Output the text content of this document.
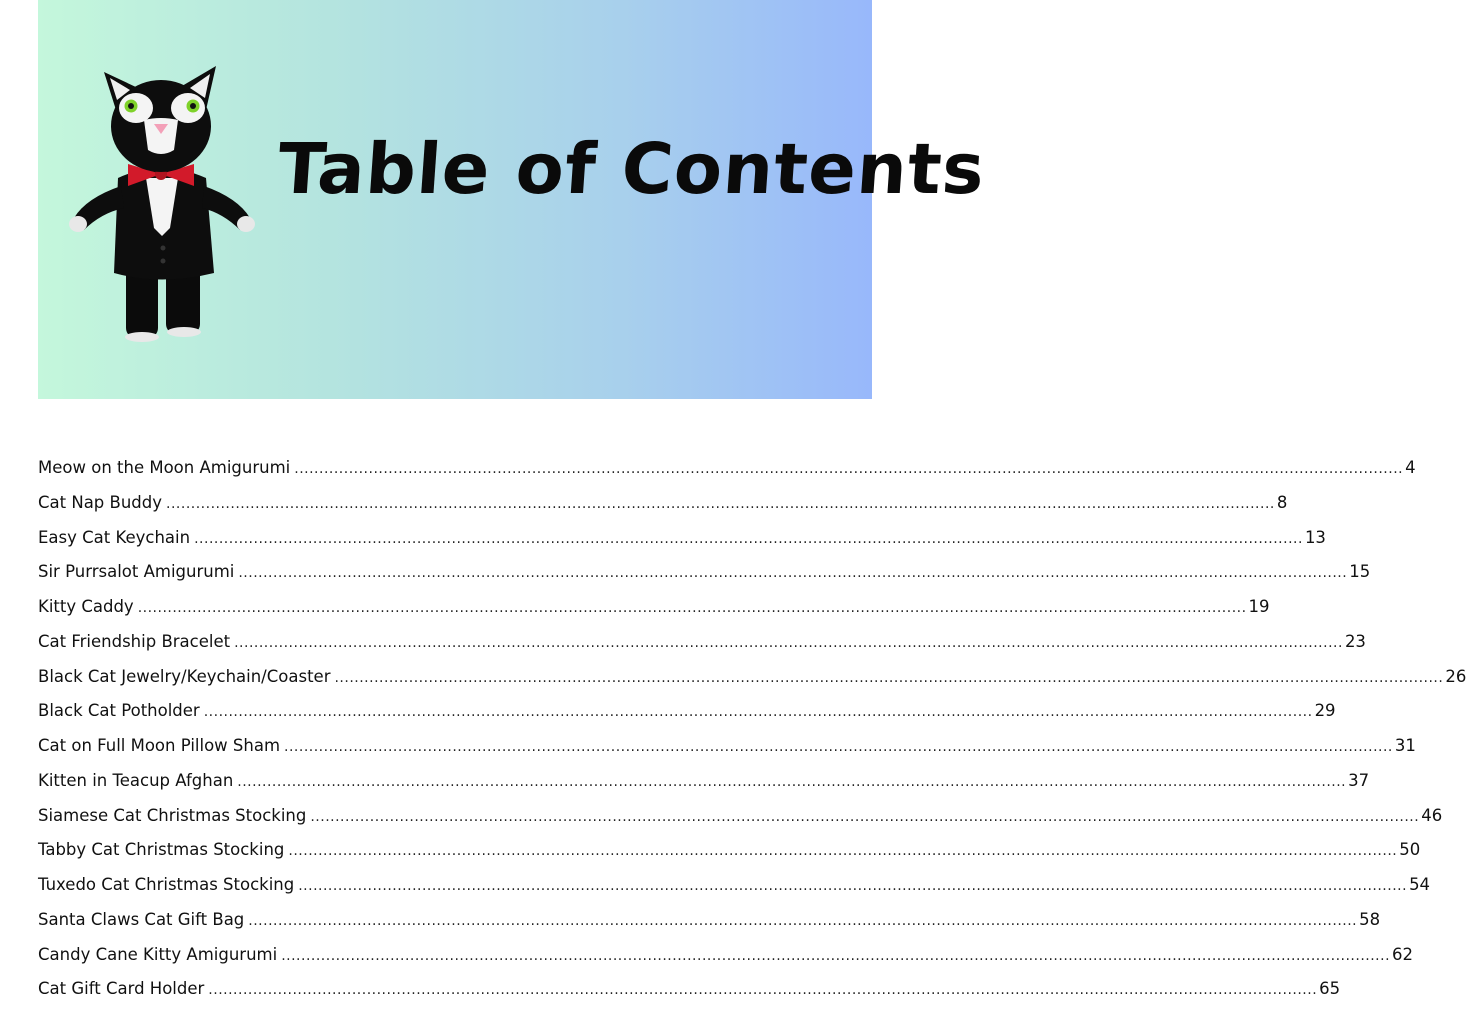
Table of Contents
Meow on the Moon Amigurumi .....	4
Cat Nap Buddy .....	8
Easy Cat Keychain .....	13
Sir Purrsalot Amigurumi .....	15
Kitty Caddy .....	19
Cat Friendship Bracelet .....	23
Black Cat Jewelry/Keychain/Coaster .....	26
Black Cat Potholder .....	29
Cat on Full Moon Pillow Sham .....	31
Kitten in Teacup Afghan .....	37
Siamese Cat Christmas Stocking .....	46
Tabby Cat Christmas Stocking .....	50
Tuxedo Cat Christmas Stocking .....	54
Santa Claws Cat Gift Bag .....	58
Candy Cane Kitty Amigurumi .....	62
Cat Gift Card Holder .....	65
